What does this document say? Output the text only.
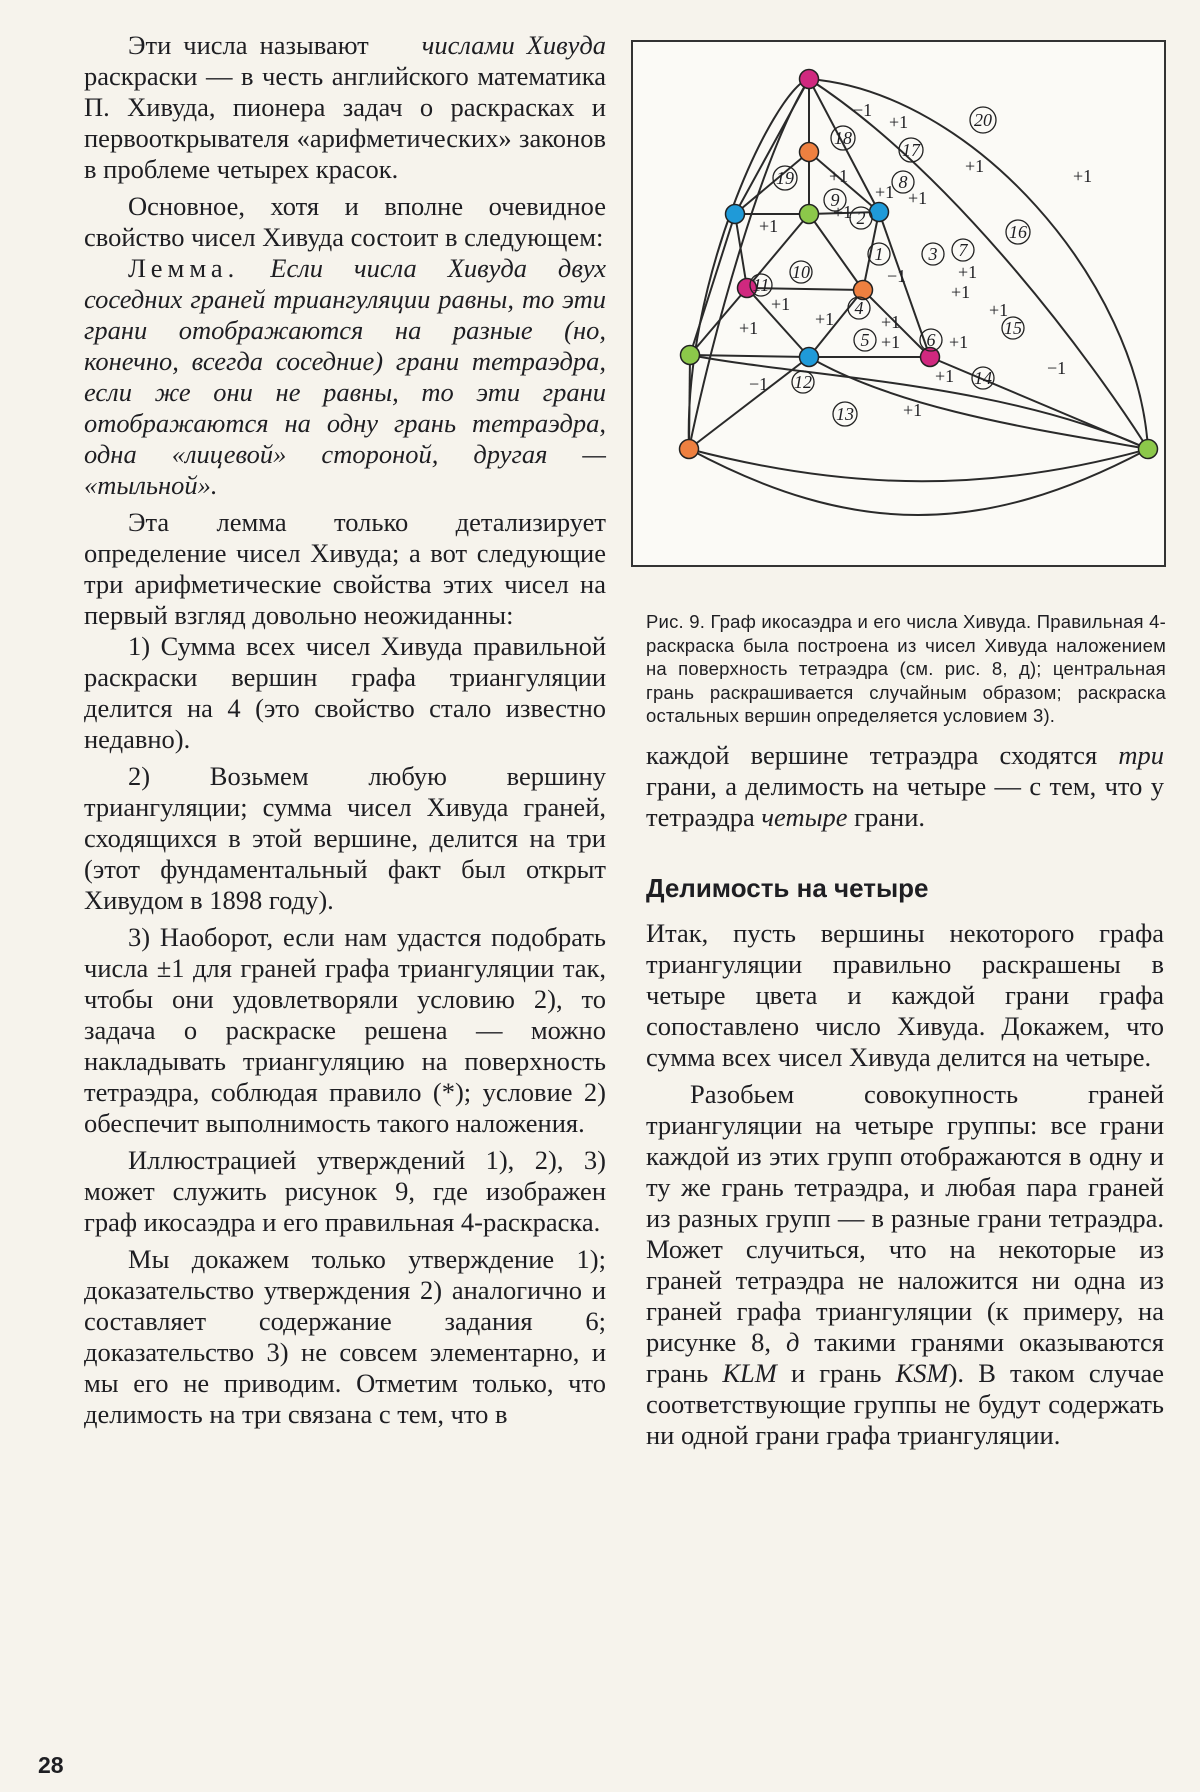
Эти числа называют   числами Хивуда раскраски — в честь английского математика П. Хивуда, пионера задач о раскрасках и первооткрывателя «арифметических» законов в проблеме четырех красок.

Основное, хотя и вполне очевидное свойство чисел Хивуда состоит в следующем:

Лемма. Если числа Хивуда двух соседних граней триангуляции равны, то эти грани отображаются на разные (но, конечно, всегда соседние) грани тетраэдра, если же они не равны, то эти грани отображаются на одну грань тетраэдра, одна «лицевой» стороной, другая — «тыльной».

Эта лемма только детализирует определение чисел Хивуда; а вот следующие три арифметические свойства этих чисел на первый взгляд довольно неожиданны:

1) Сумма всех чисел Хивуда правильной раскраски вершин графа триангуляции делится на 4 (это свойство стало известно недавно).

2) Возьмем любую вершину триангуляции; сумма чисел Хивуда граней, сходящихся в этой вершине, делится на три (этот фундаментальный факт был открыт Хивудом в 1898 году).

3) Наоборот, если нам удастся подобрать числа ±1 для граней графа триангуляции так, чтобы они удовлетворяли условию 2), то задача о раскраске решена — можно накладывать триангуляцию на поверхность тетраэдра, соблюдая правило (*); условие 2) обеспечит выполнимость такого наложения.

Иллюстрацией утверждений 1), 2), 3) может служить рисунок 9, где изображен граф икосаэдра и его правильная 4-раскраска.

Мы докажем только утверждение 1); доказательство утверждения 2) аналогично и составляет содержание задания 6; доказательство 3) не совсем элементарно, и мы его не приводим. Отметим только, что делимость на три связана с тем, что в

20
18
17
19	8
9
2
16
1	3 7
10
11
4
5	6
15
12	14
13
−1
+1
+1	+1
+1
+1
+1
+1
+1
−1	+1
+1
+1
+1	+1
+1
+1
+1	+1
+1	−1
−1
+1
Рис. 9. Граф икосаэдра и его числа Хивуда. Правильная 4-раскраска была построена из чисел Хивуда наложением на поверхность тетраэдра (см. рис. 8, д); центральная грань раскрашивается случайным образом; раскраска остальных вершин определяется условием 3).

каждой вершине тетраэдра сходятся три грани, а делимость на четыре — с тем, что у тетраэдра четыре грани.

Делимость на четыре

Итак, пусть вершины некоторого графа триангуляции правильно раскрашены в четыре цвета и каждой грани графа сопоставлено число Хивуда. Докажем, что сумма всех чисел Хивуда делится на четыре.

Разобьем совокупность граней триангуляции на четыре группы: все грани каждой из этих групп отображаются в одну и ту же грань тетраэдра, и любая пара граней из разных групп — в разные грани тетраэдра. Может случиться, что на некоторые из граней тетраэдра не наложится ни одна из граней графа триангуляции (к примеру, на рисунке 8, д такими гранями оказываются грань KLM и грань KSM). В таком случае соответствующие группы не будут содержать ни одной грани графа триангуляции.

28
